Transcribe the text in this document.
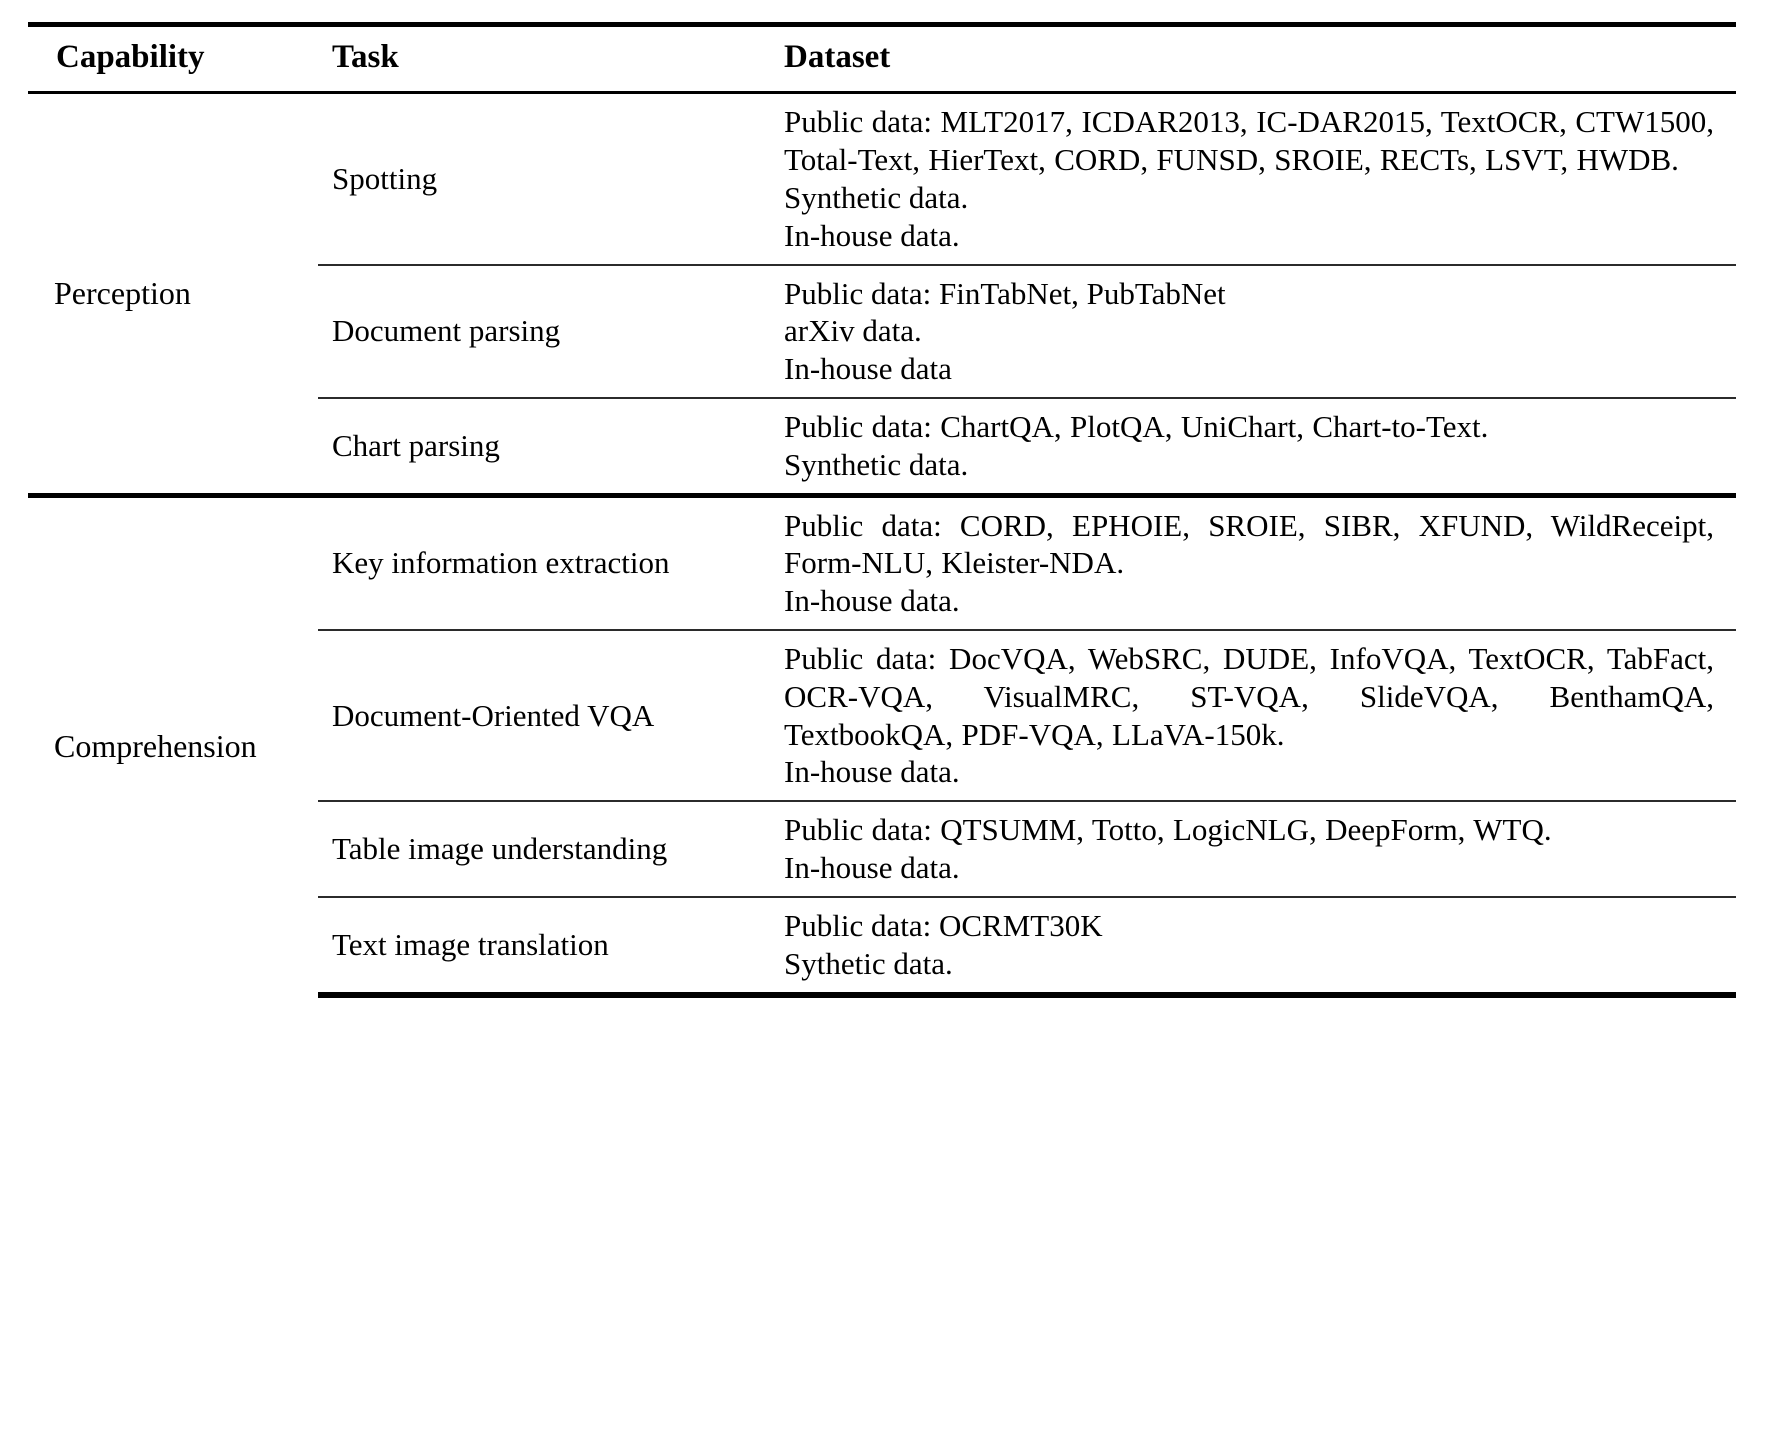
Capability	Task	Dataset
Perception	Spotting	Public data: MLT2017, ICDAR2013, IC-DAR2015, TextOCR, CTW1500, Total-Text, HierText, CORD, FUNSD, SROIE, RECTs, LSVT, HWDB.
Synthetic data.
In-house data.

	Document parsing	Public data: FinTabNet, PubTabNet
arXiv data.
In-house data

	Chart parsing	Public data: ChartQA, PlotQA, UniChart, Chart-to-Text.
Synthetic data.

Comprehension	Key information extraction	Public data: CORD, EPHOIE, SROIE, SIBR, XFUND, WildReceipt, Form-NLU, Kleister-NDA.
In-house data.

	Document-Oriented VQA	Public data: DocVQA, WebSRC, DUDE, InfoVQA, TextOCR, TabFact, OCR-VQA, VisualMRC, ST-VQA, SlideVQA, BenthamQA, TextbookQA, PDF-VQA, LLaVA-150k.
In-house data.

	Table image understanding	Public data: QTSUMM, Totto, LogicNLG, DeepForm, WTQ.
In-house data.

	Text image translation	Public data: OCRMT30K
Sythetic data.
